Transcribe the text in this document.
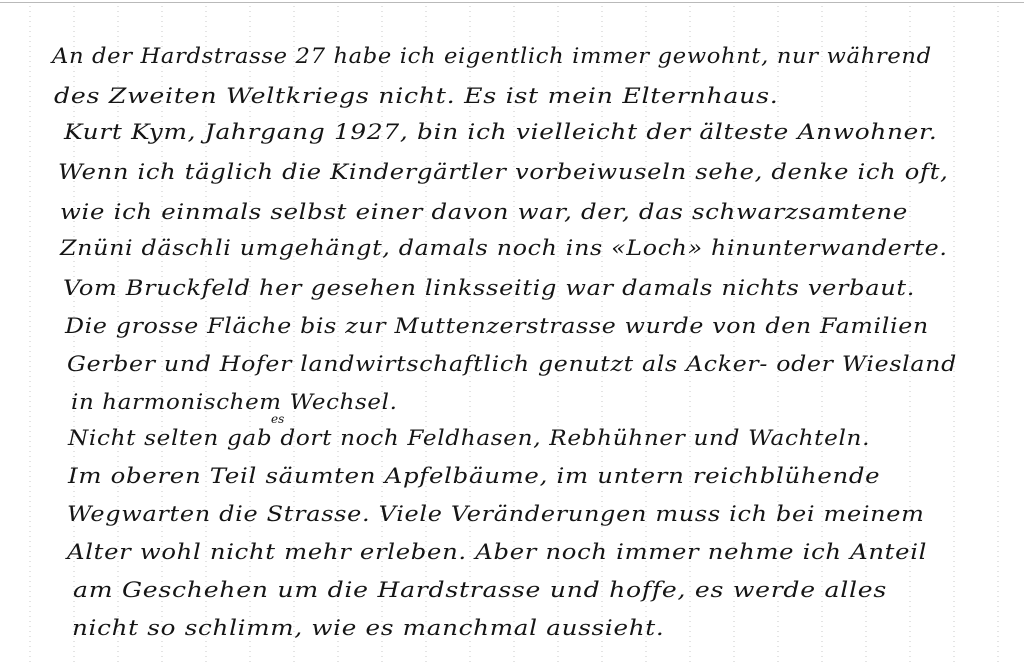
An der Hardstrasse 27 habe ich eigentlich immer gewohnt, nur während
des Zweiten Weltkriegs nicht. Es ist mein Elternhaus.
Kurt Kym, Jahrgang 1927, bin ich vielleicht der älteste Anwohner.
Wenn ich täglich die Kindergärtler vorbeiwuseln sehe, denke ich oft,
wie ich einmals selbst einer davon war, der, das schwarzsamtene
Znüni däschli umgehängt, damals noch ins «Loch» hinunterwanderte.
Vom Bruckfeld her gesehen linksseitig war damals nichts verbaut.
Die grosse Fläche bis zur Muttenzerstrasse wurde von den Familien
Gerber und Hofer landwirtschaftlich genutzt als Acker- oder Wiesland
in harmonischem Wechsel.
es
Nicht selten gab dort noch Feldhasen, Rebhühner und Wachteln.
Im oberen Teil säumten Apfelbäume, im untern reichblühende
Wegwarten die Strasse. Viele Veränderungen muss ich bei meinem
Alter wohl nicht mehr erleben. Aber noch immer nehme ich Anteil
am Geschehen um die Hardstrasse und hoffe, es werde alles
nicht so schlimm, wie es manchmal aussieht.
